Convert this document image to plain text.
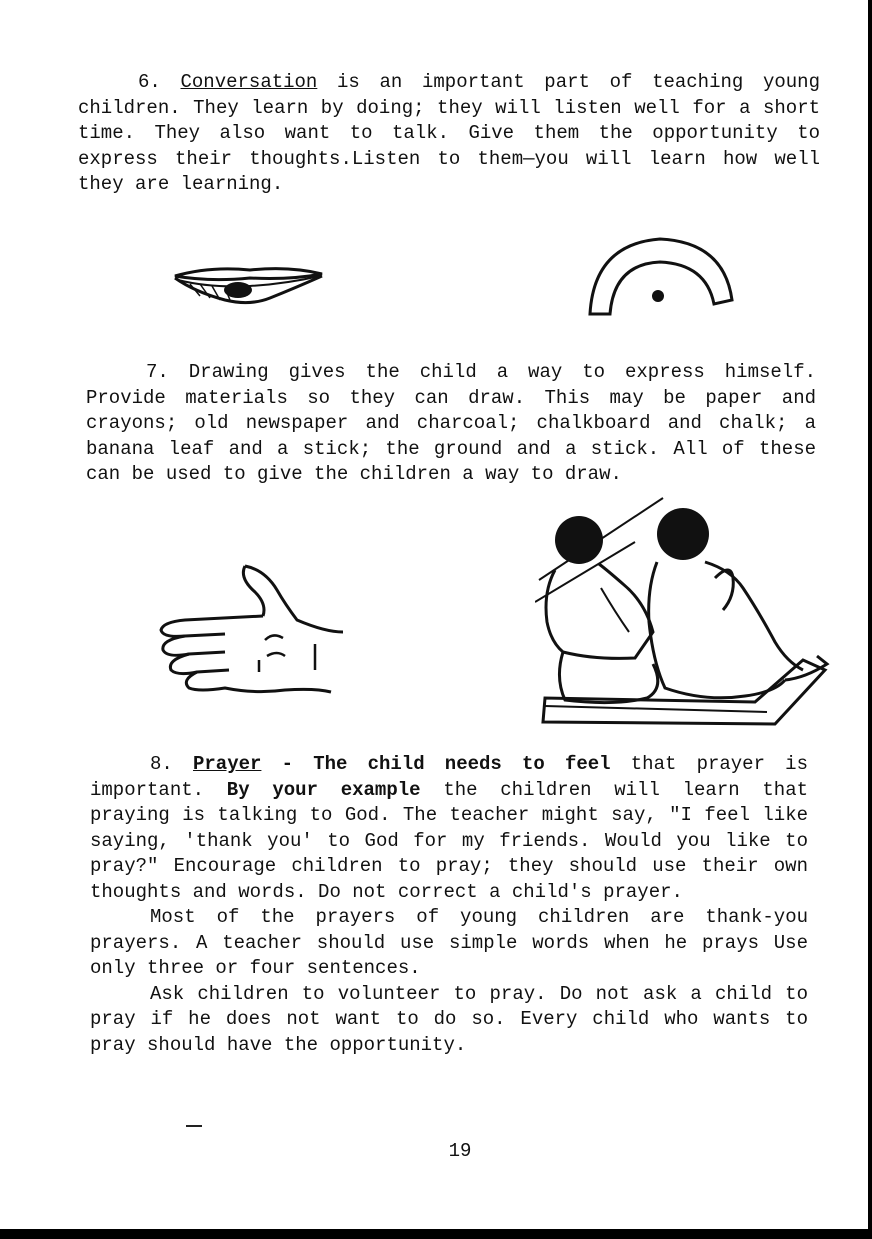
6. Conversation is an important part of teaching young children. They learn by doing; they will listen well for a short time. They also want to talk. Give them the opportunity to express their thoughts.Listen to them—you will learn how well they are learning.

7. Drawing gives the child a way to express himself. Provide materials so they can draw. This may be paper and crayons; old newspaper and charcoal; chalkboard and chalk; a banana leaf and a stick; the ground and a stick. All of these can be used to give the children a way to draw.

8. Prayer - The child needs to feel that prayer is important. By your example the children will learn that praying is talking to God. The teacher might say, "I feel like saying, 'thank you' to God for my friends. Would you like to pray?" Encourage children to pray; they should use their own thoughts and words. Do not correct a child's prayer.
Most of the prayers of young children are thank-you prayers. A teacher should use simple words when he prays Use only three or four sentences.
Ask children to volunteer to pray. Do not ask a child to pray if he does not want to do so. Every child who wants to pray should have the opportunity.

19
